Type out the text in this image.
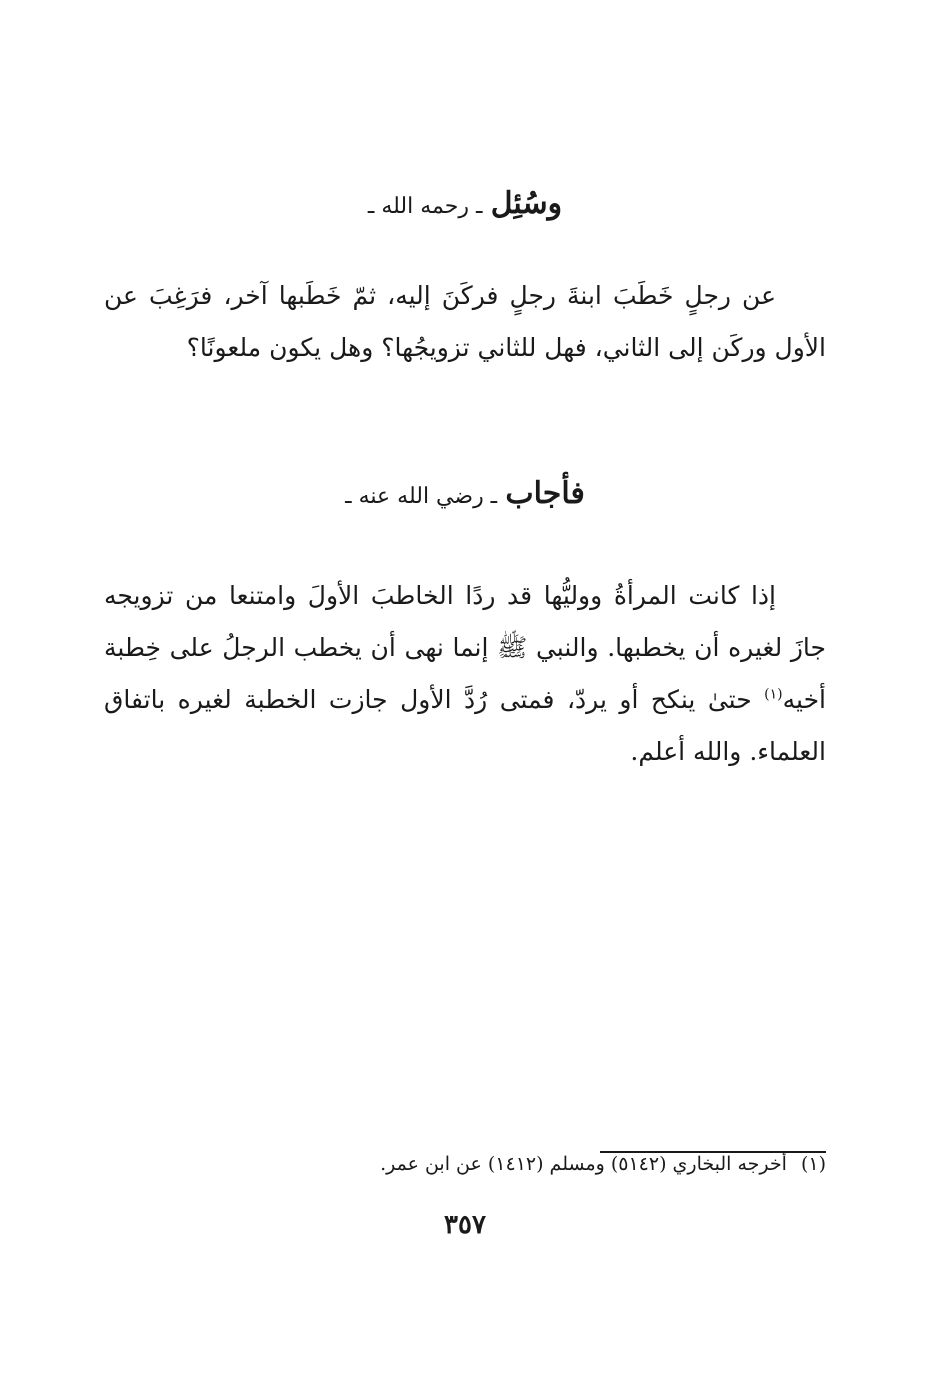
وسُئِل ـ رحمه الله ـ
عن رجلٍ خَطَبَ ابنةَ رجلٍ فركَنَ إليه، ثمّ خَطَبها آخر، فرَغِبَ عن الأول وركَن إلى الثاني، فهل للثاني تزويجُها؟ وهل يكون ملعونًا؟
فأجاب ـ رضي الله عنه ـ
إذا كانت المرأةُ ووليُّها قد ردًا الخاطبَ الأولَ وامتنعا من تزويجه جازَ لغيره أن يخطبها. والنبي ﷺ إنما نهى أن يخطب الرجلُ على خِطبة أخيه$^{(١)}$ حتىٰ ينكح أو يردّ، فمتى رُدَّ الأول جازت الخطبة لغيره باتفاق العلماء. والله أعلم.
(١)أخرجه البخاري (٥١٤٢) ومسلم (١٤١٢) عن ابن عمر.
٣٥٧
